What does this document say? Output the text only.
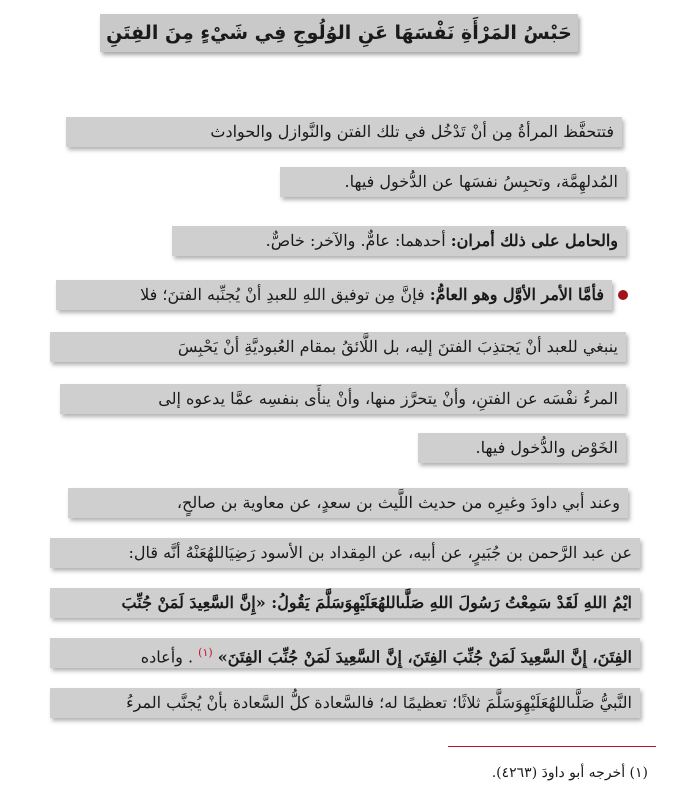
حَبْسُ المَرْأَةِ نَفْسَهَا عَنِ الوُلُوجِ فِي شَيْءٍ مِنَ الفِتَنِ
فتتحفَّظ المرأةُ مِن أنْ تَدْخُل في تلك الفتن والنَّوازل والحوادث
المُدلهِمَّة، وتحبِسُ نفسَها عن الدُّخول فيها.
والحامل على ذلك أمران: أحدهما: عامٌّ. والآخر: خاصٌّ.
فأمَّا الأمر الأوَّل وهو العامُّ: فإنَّ مِن توفيق اللهِ للعبدِ أنْ يُجنِّبه الفتنَ؛ فلا
ينبغي للعبد أنْ يَجتذِبَ الفتنَ إليه، بل اللَّائقُ بمقام العُبوديَّةِ أنْ يَحْبِسَ
المرءُ نفْسَه عن الفتنِ، وأنْ يتحرَّز منها، وأنْ ينأَى بنفسِه عمَّا يدعوه إلى
الخَوْض والدُّخول فيها.
وعند أبي داودَ وغيرِه من حديث اللَّيث بن سعدٍ، عن معاوية بن صالحٍ،
عن عبد الرَّحمن بن جُبَيرٍ، عن أبيه، عن المِقداد بن الأسود رَضِيَاللهُعَنْهُ أنَّه قال:
ايْمُ اللهِ لَقَدْ سَمِعْتُ رَسُولَ اللهِ صَلَّىاللهُعَلَيْهِوَسَلَّمَ يَقُولُ: «إِنَّ السَّعِيدَ لَمَنْ جُنِّبَ
الفِتَنَ، إِنَّ السَّعِيدَ لَمَنْ جُنِّبَ الفِتَنَ، إِنَّ السَّعِيدَ لَمَنْ جُنِّبَ الفِتَنَ» $^{(١)}$ . وأعاده
النَّبيُّ صَلَّىاللهُعَلَيْهِوَسَلَّمَ ثلاثًا؛ تعظيمًا له؛ فالسَّعادة كلُّ السَّعادة بأنْ يُجنَّب المرءُ
(١) أخرجه أبو داودَ (٤٢٦٣).
